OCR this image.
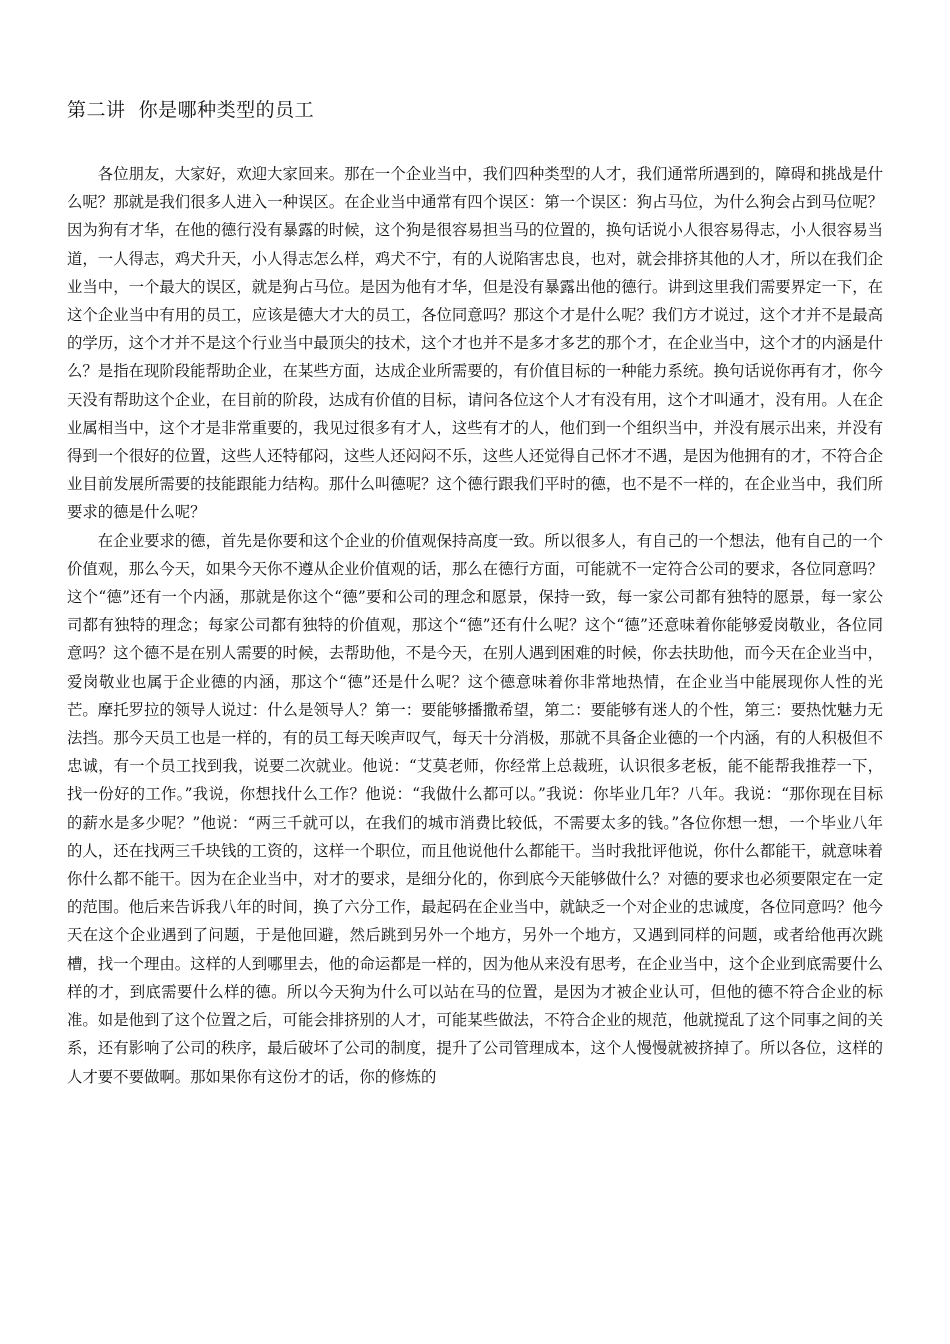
第二讲  你是哪种类型的员工

各位朋友，大家好，欢迎大家回来。那在一个企业当中，我们四种类型的人才，我们通常所遇到的，障碍和挑战是什么呢？那就是我们很多人进入一种误区。在企业当中通常有四个误区：第一个误区：狗占马位，为什么狗会占到马位呢？因为狗有才华，在他的德行没有暴露的时候，这个狗是很容易担当马的位置的，换句话说小人很容易得志，小人很容易当道，一人得志，鸡犬升天，小人得志怎么样，鸡犬不宁，有的人说陷害忠良，也对，就会排挤其他的人才，所以在我们企业当中，一个最大的误区，就是狗占马位。是因为他有才华，但是没有暴露出他的德行。讲到这里我们需要界定一下，在这个企业当中有用的员工，应该是德大才大的员工，各位同意吗？那这个才是什么呢？我们方才说过，这个才并不是最高的学历，这个才并不是这个行业当中最顶尖的技术，这个才也并不是多才多艺的那个才，在企业当中，这个才的内涵是什么？是指在现阶段能帮助企业，在某些方面，达成企业所需要的，有价值目标的一种能力系统。换句话说你再有才，你今天没有帮助这个企业，在目前的阶段，达成有价值的目标，请问各位这个人才有没有用，这个才叫通才，没有用。人在企业属相当中，这个才是非常重要的，我见过很多有才人，这些有才的人，他们到一个组织当中，并没有展示出来，并没有得到一个很好的位置，这些人还特郁闷，这些人还闷闷不乐，这些人还觉得自己怀才不遇，是因为他拥有的才，不符合企业目前发展所需要的技能跟能力结构。那什么叫德呢？这个德行跟我们平时的德，也不是不一样的，在企业当中，我们所要求的德是什么呢？

在企业要求的德，首先是你要和这个企业的价值观保持高度一致。所以很多人，有自己的一个想法，他有自己的一个价值观，那么今天，如果今天你不遵从企业价值观的话，那么在德行方面，可能就不一定符合公司的要求，各位同意吗？这个“德”还有一个内涵，那就是你这个“德”要和公司的理念和愿景，保持一致，每一家公司都有独特的愿景，每一家公司都有独特的理念；每家公司都有独特的价值观，那这个“德”还有什么呢？这个“德”还意味着你能够爱岗敬业，各位同意吗？这个德不是在别人需要的时候，去帮助他，不是今天，在别人遇到困难的时候，你去扶助他，而今天在企业当中，爱岗敬业也属于企业德的内涵，那这个“德”还是什么呢？这个德意味着你非常地热情，在企业当中能展现你人性的光芒。摩托罗拉的领导人说过：什么是领导人？第一：要能够播撒希望，第二：要能够有迷人的个性，第三：要热忱魅力无法挡。那今天员工也是一样的，有的员工每天唉声叹气，每天十分消极，那就不具备企业德的一个内涵，有的人积极但不忠诚，有一个员工找到我，说要二次就业。他说：“艾莫老师，你经常上总裁班，认识很多老板，能不能帮我推荐一下，找一份好的工作。”我说，你想找什么工作？他说：“我做什么都可以。”我说：你毕业几年？八年。我说：“那你现在目标的薪水是多少呢？”他说：“两三千就可以，在我们的城市消费比较低，不需要太多的钱。”各位你想一想，一个毕业八年的人，还在找两三千块钱的工资的，这样一个职位，而且他说他什么都能干。当时我批评他说，你什么都能干，就意味着你什么都不能干。因为在企业当中，对才的要求，是细分化的，你到底今天能够做什么？对德的要求也必须要限定在一定的范围。他后来告诉我八年的时间，换了六分工作，最起码在企业当中，就缺乏一个对企业的忠诚度，各位同意吗？他今天在这个企业遇到了问题，于是他回避，然后跳到另外一个地方，另外一个地方，又遇到同样的问题，或者给他再次跳槽，找一个理由。这样的人到哪里去，他的命运都是一样的，因为他从来没有思考，在企业当中，这个企业到底需要什么样的才，到底需要什么样的德。所以今天狗为什么可以站在马的位置，是因为才被企业认可，但他的德不符合企业的标准。如是他到了这个位置之后，可能会排挤别的人才，可能某些做法，不符合企业的规范，他就搅乱了这个同事之间的关系，还有影响了公司的秩序，最后破坏了公司的制度，提升了公司管理成本，这个人慢慢就被挤掉了。所以各位，这样的人才要不要做啊。那如果你有这份才的话，你的修炼的
